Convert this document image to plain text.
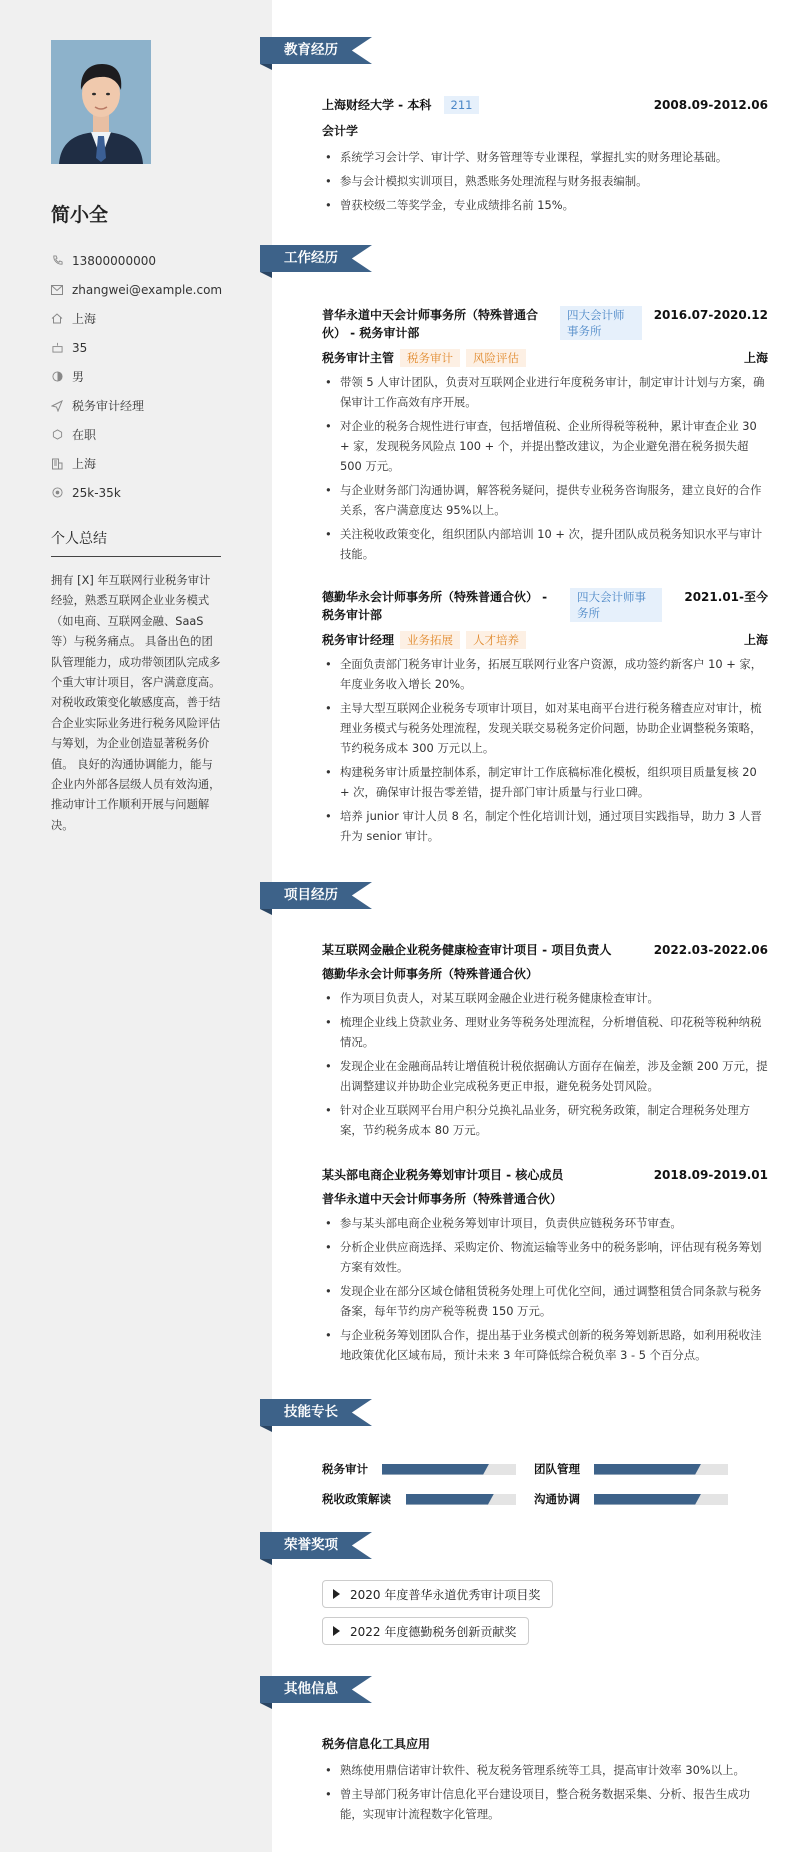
简小全
13800000000
zhangwei@example.com
上海
35
男
税务审计经理
在职
上海
25k-35k
个人总结
拥有 [X] 年互联网行业税务审计经验，熟悉互联网企业业务模式（如电商、互联网金融、SaaS 等）与税务痛点。 具备出色的团队管理能力，成功带领团队完成多个重大审计项目，客户满意度高。 对税收政策变化敏感度高，善于结合企业实际业务进行税务风险评估与筹划，为企业创造显著税务价值。 良好的沟通协调能力，能与企业内外部各层级人员有效沟通，推动审计工作顺利开展与问题解决。
教育经历
上海财经大学 - 本科 211	2008.09-2012.06
会计学
• 系统学习会计学、审计学、财务管理等专业课程，掌握扎实的财务理论基础。
• 参与会计模拟实训项目，熟悉账务处理流程与财务报表编制。
• 曾获校级二等奖学金，专业成绩排名前 15%。
工作经历
普华永道中天会计师事务所（特殊普通合伙） - 税务审计部
四大会计师事务所
2016.07-2020.12
税务审计主管 税务审计 风险评估	上海
• 带领 5 人审计团队，负责对互联网企业进行年度税务审计，制定审计计划与方案，确保审计工作高效有序开展。
• 对企业的税务合规性进行审查，包括增值税、企业所得税等税种，累计审查企业 30 + 家，发现税务风险点 100 + 个，并提出整改建议，为企业避免潜在税务损失超 500 万元。
• 与企业财务部门沟通协调，解答税务疑问，提供专业税务咨询服务，建立良好的合作关系，客户满意度达 95%以上。
• 关注税收政策变化，组织团队内部培训 10 + 次，提升团队成员税务知识水平与审计技能。
德勤华永会计师事务所（特殊普通合伙） - 税务审计部
四大会计师事务所
2021.01-至今
税务审计经理 业务拓展 人才培养	上海
• 全面负责部门税务审计业务，拓展互联网行业客户资源，成功签约新客户 10 + 家，年度业务收入增长 20%。
• 主导大型互联网企业税务专项审计项目，如对某电商平台进行税务稽查应对审计，梳理业务模式与税务处理流程，发现关联交易税务定价问题，协助企业调整税务策略，节约税务成本 300 万元以上。
• 构建税务审计质量控制体系，制定审计工作底稿标准化模板，组织项目质量复核 20 + 次，确保审计报告零差错，提升部门审计质量与行业口碑。
• 培养 junior 审计人员 8 名，制定个性化培训计划，通过项目实践指导，助力 3 人晋升为 senior 审计。
项目经历
某互联网金融企业税务健康检查审计项目 - 项目负责人	2022.03-2022.06
德勤华永会计师事务所（特殊普通合伙）
• 作为项目负责人，对某互联网金融企业进行税务健康检查审计。
• 梳理企业线上贷款业务、理财业务等税务处理流程，分析增值税、印花税等税种纳税情况。
• 发现企业在金融商品转让增值税计税依据确认方面存在偏差，涉及金额 200 万元，提出调整建议并协助企业完成税务更正申报，避免税务处罚风险。
• 针对企业互联网平台用户积分兑换礼品业务，研究税务政策，制定合理税务处理方案，节约税务成本 80 万元。
某头部电商企业税务筹划审计项目 - 核心成员	2018.09-2019.01
普华永道中天会计师事务所（特殊普通合伙）
• 参与某头部电商企业税务筹划审计项目，负责供应链税务环节审查。
• 分析企业供应商选择、采购定价、物流运输等业务中的税务影响，评估现有税务筹划方案有效性。
• 发现企业在部分区域仓储租赁税务处理上可优化空间，通过调整租赁合同条款与税务备案，每年节约房产税等税费 150 万元。
• 与企业税务筹划团队合作，提出基于业务模式创新的税务筹划新思路，如利用税收洼地政策优化区域布局，预计未来 3 年可降低综合税负率 3 - 5 个百分点。
技能专长
税务审计	团队管理
税收政策解读	沟通协调
荣誉奖项
2020 年度普华永道优秀审计项目奖
2022 年度德勤税务创新贡献奖
其他信息
税务信息化工具应用
• 熟练使用鼎信诺审计软件、税友税务管理系统等工具，提高审计效率 30%以上。
• 曾主导部门税务审计信息化平台建设项目，整合税务数据采集、分析、报告生成功能，实现审计流程数字化管理。
